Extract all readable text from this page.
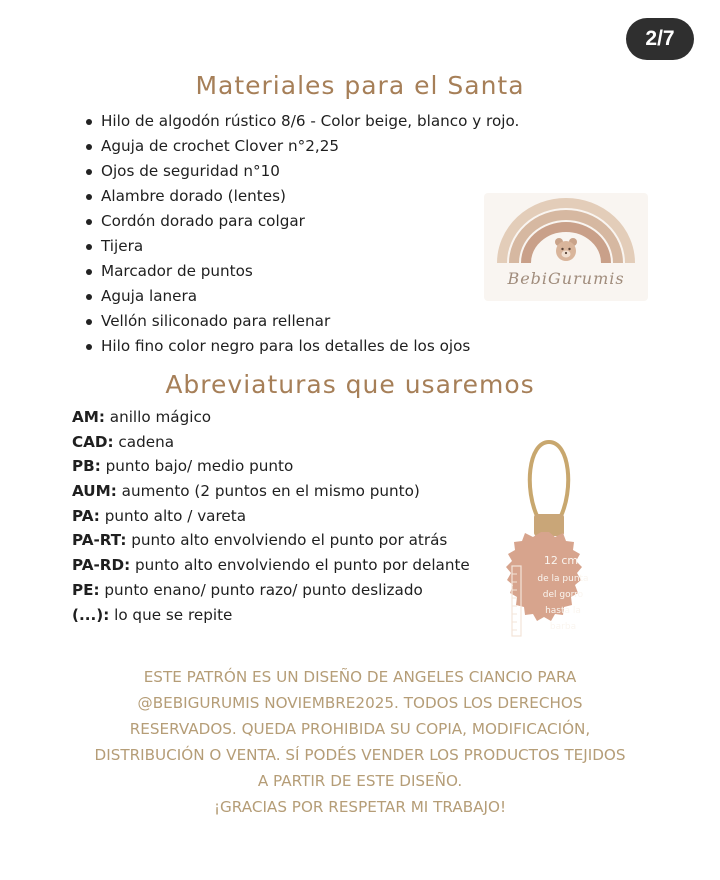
2/7
Materiales para el Santa
Hilo de algodón rústico 8/6 - Color beige, blanco y rojo.
Aguja de crochet Clover n°2,25
Ojos de seguridad n°10
Alambre dorado (lentes)
Cordón dorado para colgar
Tijera
Marcador de puntos
Aguja lanera
Vellón siliconado para rellenar
Hilo fino color negro para los detalles de los ojos
BebiGurumis
Abreviaturas que usaremos
AM: anillo mágico
CAD: cadena
PB: punto bajo/ medio punto
AUM: aumento (2 puntos en el mismo punto)
PA: punto alto / vareta
PA-RT: punto alto envolviendo el punto por atrás
PA-RD: punto alto envolviendo el punto por delante
PE: punto enano/ punto razo/ punto deslizado
(...): lo que se repite
12 cm
de la punta
del gorro
hasta la
barba
ESTE PATRÓN ES UN DISEÑO DE ANGELES CIANCIO PARA
@BEBIGURUMIS NOVIEMBRE2025. TODOS LOS DERECHOS
RESERVADOS. QUEDA PROHIBIDA SU COPIA, MODIFICACIÓN,
DISTRIBUCIÓN O VENTA. SÍ PODÉS VENDER LOS PRODUCTOS TEJIDOS
A PARTIR DE ESTE DISEÑO.
¡GRACIAS POR RESPETAR MI TRABAJO!
